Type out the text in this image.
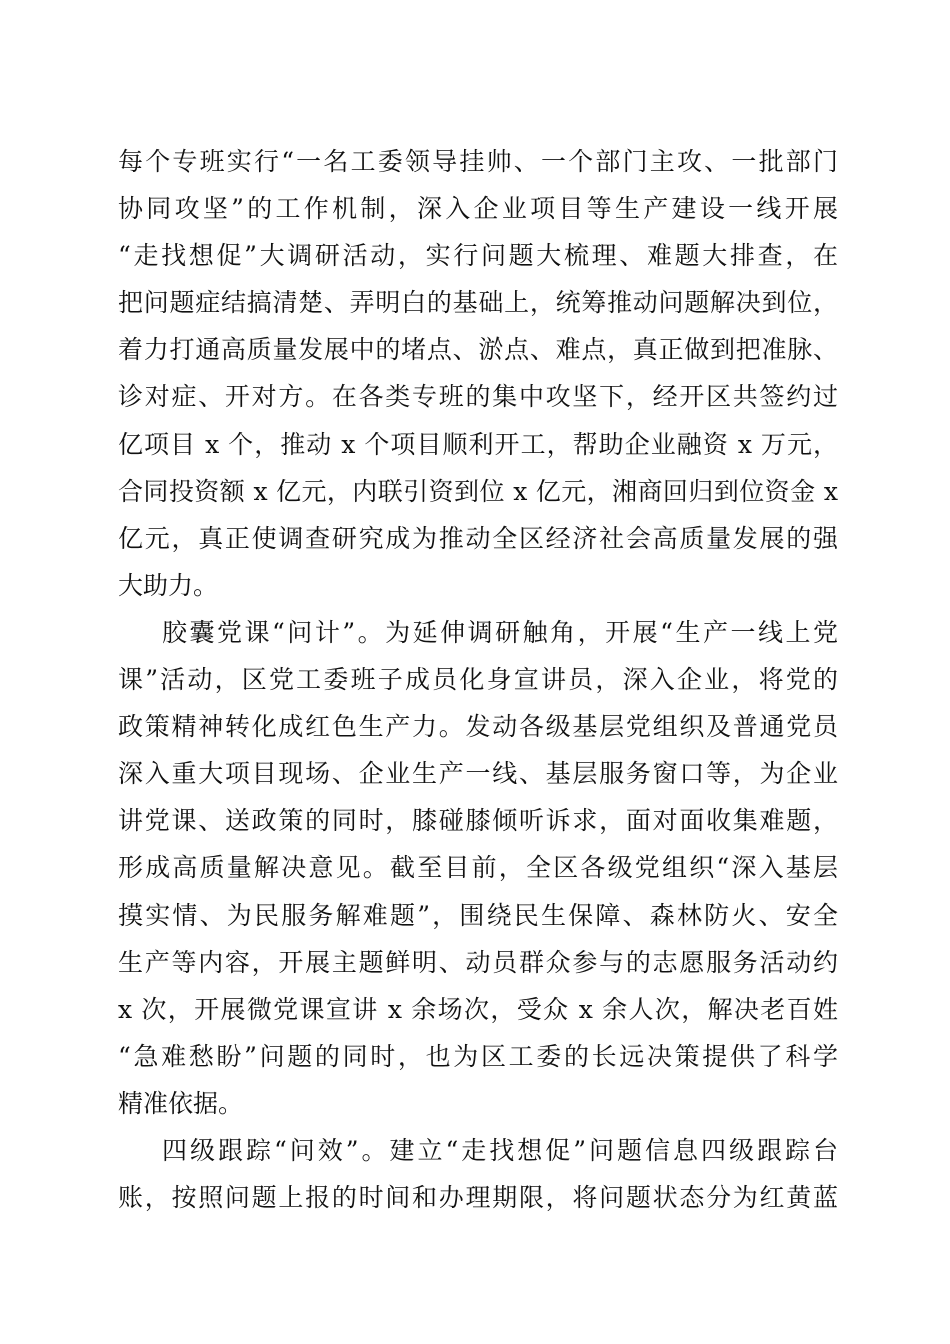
每个专班实行“一名工委领导挂帅、一个部门主攻、一批部门
协同攻坚”的工作机制，深入企业项目等生产建设一线开展
“走找想促”大调研活动，实行问题大梳理、难题大排查，在
把问题症结搞清楚、弄明白的基础上，统筹推动问题解决到位，
着力打通高质量发展中的堵点、淤点、难点，真正做到把准脉、
诊对症、开对方。在各类专班的集中攻坚下，经开区共签约过
亿项目 x 个，推动 x 个项目顺利开工，帮助企业融资 x 万元，
合同投资额 x 亿元，内联引资到位 x 亿元，湘商回归到位资金 x
亿元，真正使调查研究成为推动全区经济社会高质量发展的强
大助力。
胶囊党课“问计”。为延伸调研触角，开展“生产一线上党
课”活动，区党工委班子成员化身宣讲员，深入企业，将党的
政策精神转化成红色生产力。发动各级基层党组织及普通党员
深入重大项目现场、企业生产一线、基层服务窗口等，为企业
讲党课、送政策的同时，膝碰膝倾听诉求，面对面收集难题，
形成高质量解决意见。截至目前，全区各级党组织“深入基层
摸实情、为民服务解难题”，围绕民生保障、森林防火、安全
生产等内容，开展主题鲜明、动员群众参与的志愿服务活动约
x 次，开展微党课宣讲 x 余场次，受众 x 余人次，解决老百姓
“急难愁盼”问题的同时，也为区工委的长远决策提供了科学
精准依据。
四级跟踪“问效”。建立“走找想促”问题信息四级跟踪台
账，按照问题上报的时间和办理期限，将问题状态分为红黄蓝
